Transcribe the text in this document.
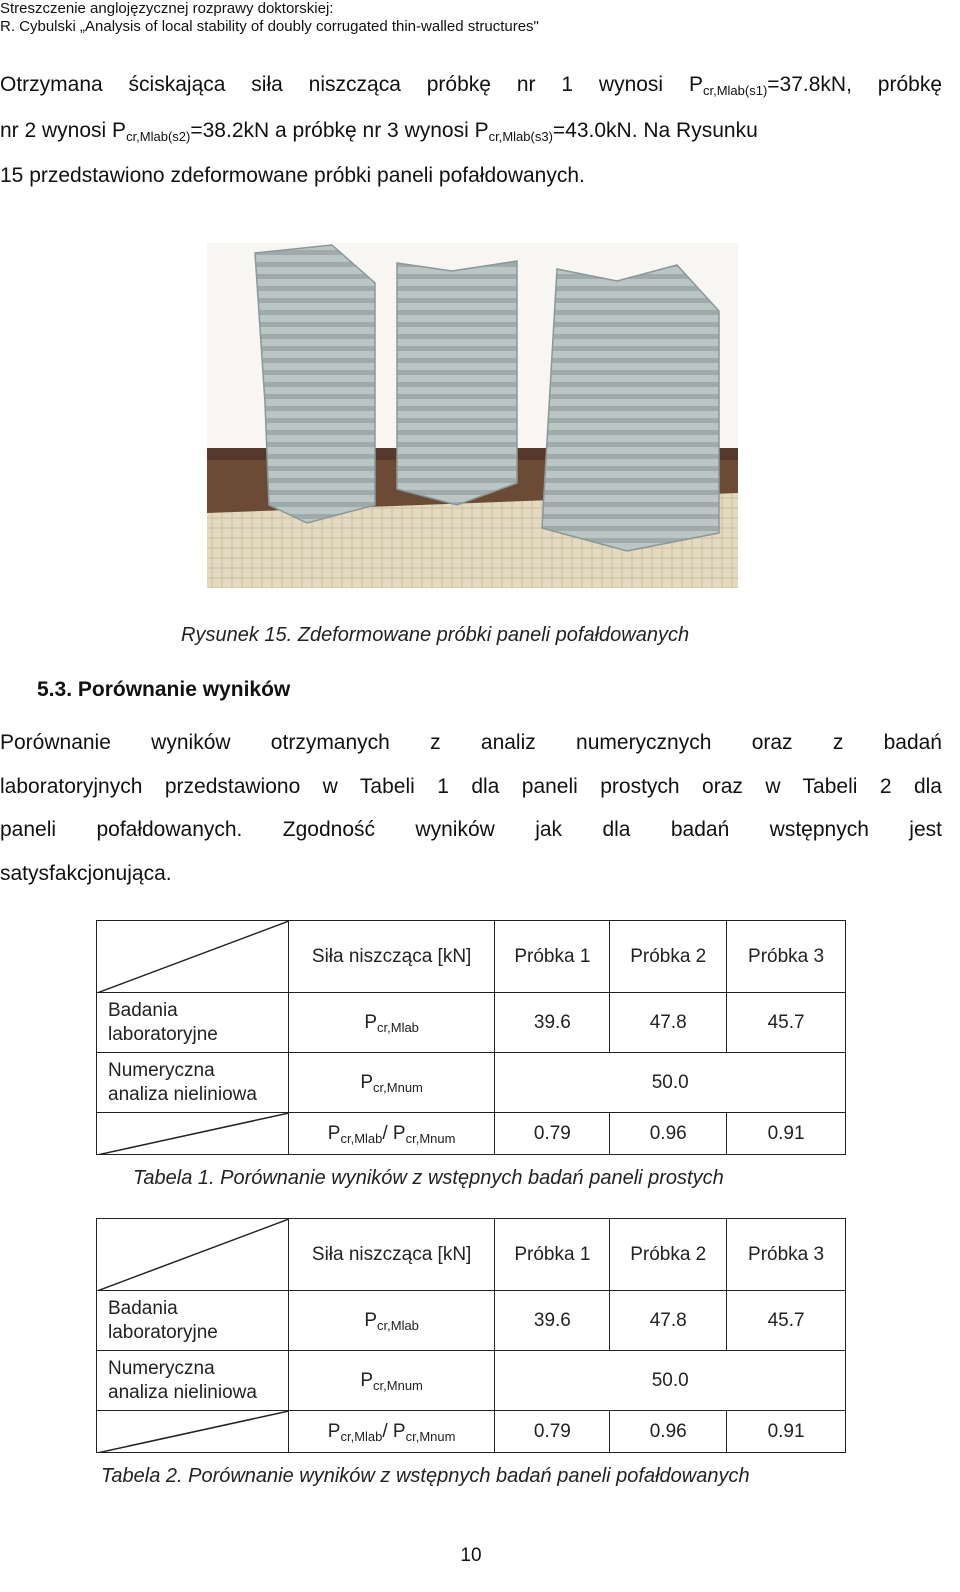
Streszczenie anglojęzycznej rozprawy doktorskiej:
R. Cybulski „Analysis of local stability of doubly corrugated thin-walled structures"
Otrzymana ściskająca siła niszcząca próbkę nr 1 wynosi Pcr,Mlab(s1)=37.8kN, próbkę
nr 2 wynosi Pcr,Mlab(s2)=38.2kN a próbkę nr 3 wynosi Pcr,Mlab(s3)=43.0kN. Na Rysunku
15 przedstawiono zdeformowane próbki paneli pofałdowanych.
Rysunek 15. Zdeformowane próbki paneli pofałdowanych
5.3. Porównanie wyników
Porównanie wyników otrzymanych z analiz numerycznych oraz z badań
laboratoryjnych przedstawiono w Tabeli 1 dla paneli prostych oraz w Tabeli 2 dla
paneli pofałdowanych. Zgodność wyników jak dla badań wstępnych jest
satysfakcjonująca.
	Siła niszcząca [kN]	Próbka 1	Próbka 2	Próbka 3

Badania
laboratoryjne	$P_{cr,Mlab}$	39.6	47.8	45.7

Numeryczna
analiza nieliniowa	$P_{cr,Mnum}$	50.0		

	$P_{cr,Mlab}/$ $P_{cr,Mnum}$	0.79	0.96	0.91
Tabela 1. Porównanie wyników z wstępnych badań paneli prostych
	Siła niszcząca [kN]	Próbka 1	Próbka 2	Próbka 3

Badania
laboratoryjne	$P_{cr,Mlab}$	39.6	47.8	45.7

Numeryczna
analiza nieliniowa	$P_{cr,Mnum}$	50.0		

	$P_{cr,Mlab}/$ $P_{cr,Mnum}$	0.79	0.96	0.91
Tabela 2. Porównanie wyników z wstępnych badań paneli pofałdowanych
10
